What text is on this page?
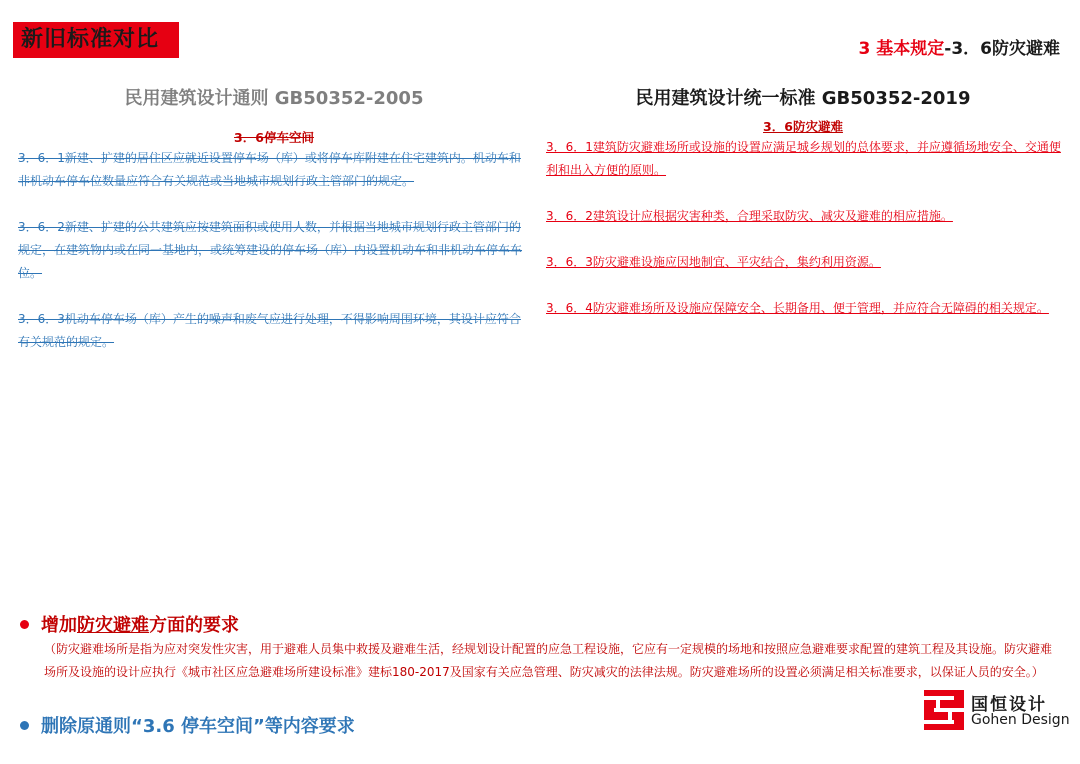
新旧标准对比	3 基本规定-3．6防灾避难
民用建筑设计通则 GB50352-2005	民用建筑设计统一标准 GB50352-2019
3．6停车空间
3．6防灾避难
3．6．1新建、扩建的居住区应就近设置停车场（库）或将停车库附建在住宅建筑内。机动车和非机动车停车位数量应符合有关规范或当地城市规划行政主管部门的规定。
3．6．2新建、扩建的公共建筑应按建筑面积或使用人数，并根据当地城市规划行政主管部门的规定，在建筑物内或在同一基地内，或统筹建设的停车场（库）内设置机动车和非机动车停车车位。
3．6．3机动车停车场（库）产生的噪声和废气应进行处理，不得影响周围环境，其设计应符合有关规范的规定。
3．6．1建筑防灾避难场所或设施的设置应满足城乡规划的总体要求，并应遵循场地安全、交通便利和出入方便的原则。
3．6．2建筑设计应根据灾害种类，合理采取防灾、减灾及避难的相应措施。
3．6．3防灾避难设施应因地制宜、平灾结合，集约利用资源。
3．6．4防灾避难场所及设施应保障安全、长期备用、便于管理，并应符合无障碍的相关规定。
增加防灾避难方面的要求
（防灾避难场所是指为应对突发性灾害，用于避难人员集中救援及避难生活，经规划设计配置的应急工程设施，它应有一定规模的场地和按照应急避难要求配置的建筑工程及其设施。防灾避难场所及设施的设计应执行《城市社区应急避难场所建设标准》建标180-2017及国家有关应急管理、防灾减灾的法律法规。防灾避难场所的设置必须满足相关标准要求，以保证人员的安全。）
删除原通则“3.6 停车空间”等内容要求
国恒设计
Gohen Design
